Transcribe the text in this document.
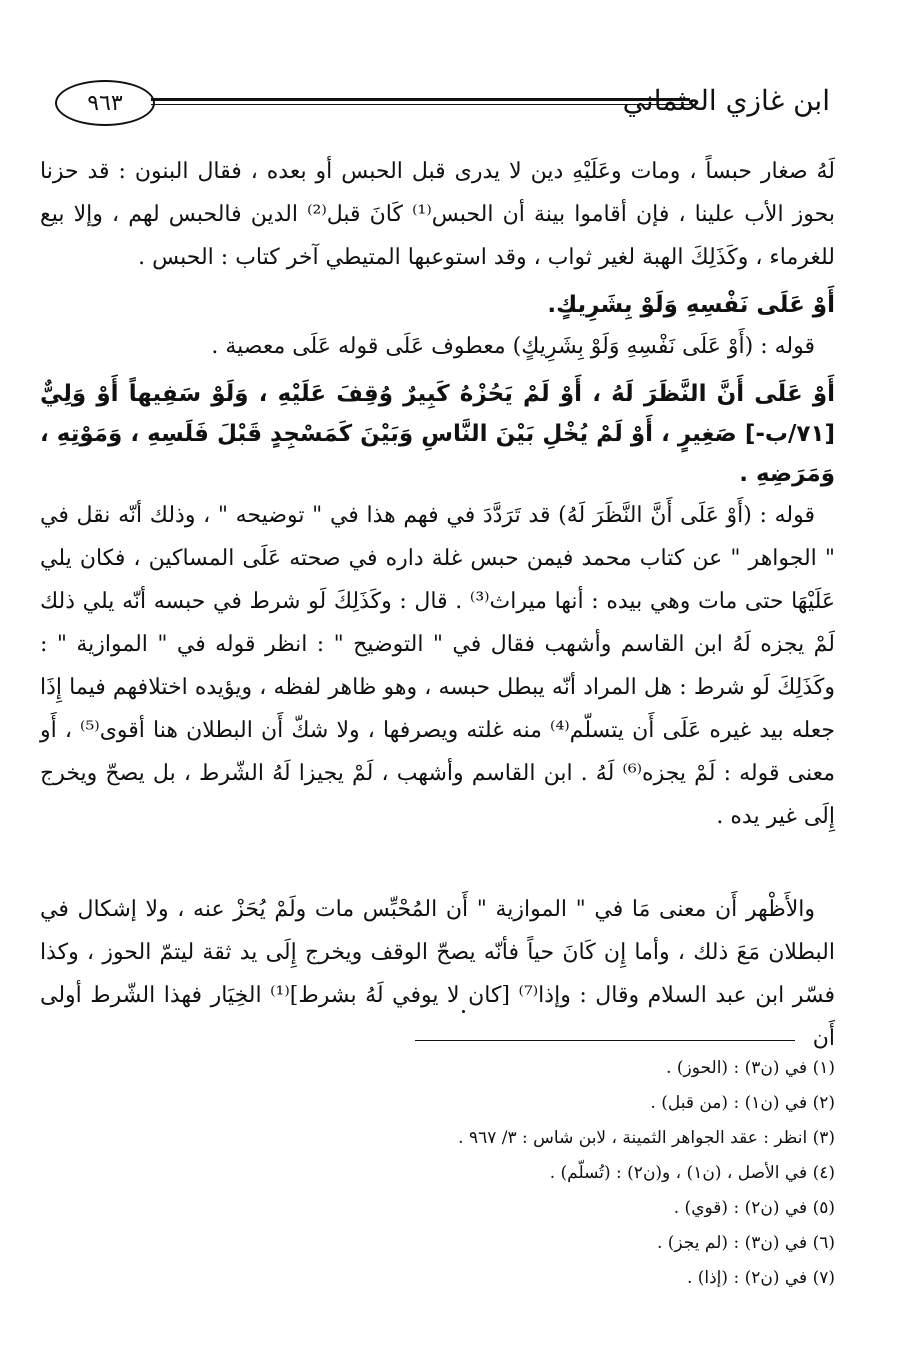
٩٦٣	ابن غازي العثماني

لَهُ صغار حبساً ، ومات وعَلَيْهِ دين لا يدرى قبل الحبس أو بعده ، فقال البنون : قد حزنا بحوز الأب علينا ، فإن أقاموا بينة أن الحبس⁽¹⁾ كَانَ قبل⁽²⁾ الدين فالحبس لهم ، وإلا بيع للغرماء ، وكَذَلِكَ الهبة لغير ثواب ، وقد استوعبها المتيطي آخر كتاب : الحبس .

أَوْ عَلَى نَفْسِهِ وَلَوْ بِشَرِيكٍ.

قوله : (أَوْ عَلَى نَفْسِهِ وَلَوْ بِشَرِيكٍ) معطوف عَلَى قوله عَلَى معصية .

أَوْ عَلَى أَنَّ النَّظَرَ لَهُ ، أَوْ لَمْ يَحُزْهُ كَبِيرٌ وُقِفَ عَلَيْهِ ، وَلَوْ سَفِيهاً أَوْ وَلِيٌّ [٧١/ب-] صَغِيرٍ ، أَوْ لَمْ يُخْلِ بَيْنَ النَّاسِ وَبَيْنَ كَمَسْجِدٍ قَبْلَ فَلَسِهِ ، وَمَوْتِهِ ، وَمَرَضِهِ .

قوله : (أَوْ عَلَى أَنَّ النَّظَرَ لَهُ) قد تَرَدَّدَ في فهم هذا في " توضيحه " ، وذلك أنّه نقل في " الجواهر " عن كتاب محمد فيمن حبس غلة داره في صحته عَلَى المساكين ، فكان يلي عَلَيْهَا حتى مات وهي بيده : أنها ميراث⁽³⁾ . قال : وكَذَلِكَ لَو شرط في حبسه أنّه يلي ذلك لَمْ يجزه لَهُ ابن القاسم وأشهب فقال في " التوضيح " : انظر قوله في " الموازية " : وكَذَلِكَ لَو شرط : هل المراد أنّه يبطل حبسه ، وهو ظاهر لفظه ، ويؤيده اختلافهم فيما إِذَا جعله بيد غيره عَلَى أَن يتسلّم⁽⁴⁾ منه غلته ويصرفها ، ولا شكّ أَن البطلان هنا أقوى⁽⁵⁾ ، أَو معنى قوله : لَمْ يجزه⁽⁶⁾ لَهُ . ابن القاسم وأشهب ، لَمْ يجيزا لَهُ الشّرط ، بل يصحّ ويخرج إِلَى غير يده .

والأَظْهر أَن معنى مَا في " الموازية " أَن المُحْبِّس مات ولَمْ يُحَزْ عنه ، ولا إشكال في البطلان مَعَ ذلك ، وأما إِن كَانَ حياً فأنّه يصحّ الوقف ويخرج إِلَى يد ثقة ليتمّ الحوز ، وكذا فسّر ابن عبد السلام وقال : وإذا⁽⁷⁾ [كان لا يوفي لَهُ بشرط]⁽¹⁾ الخِيَار فهذا الشّرط أولى أَن

(١) في (ن٣) : (الحوز) .
(٢) في (ن١) : (من قبل) .
(٣) انظر : عقد الجواهر الثمينة ، لابن شاس : ٣/ ٩٦٧ .
(٤) في الأصل ، (ن١) ، و(ن٢) : (تُسلّم) .
(٥) في (ن٢) : (قوي) .
(٦) في (ن٣) : (لم يجز) .
(٧) في (ن٢) : (إذا) .
